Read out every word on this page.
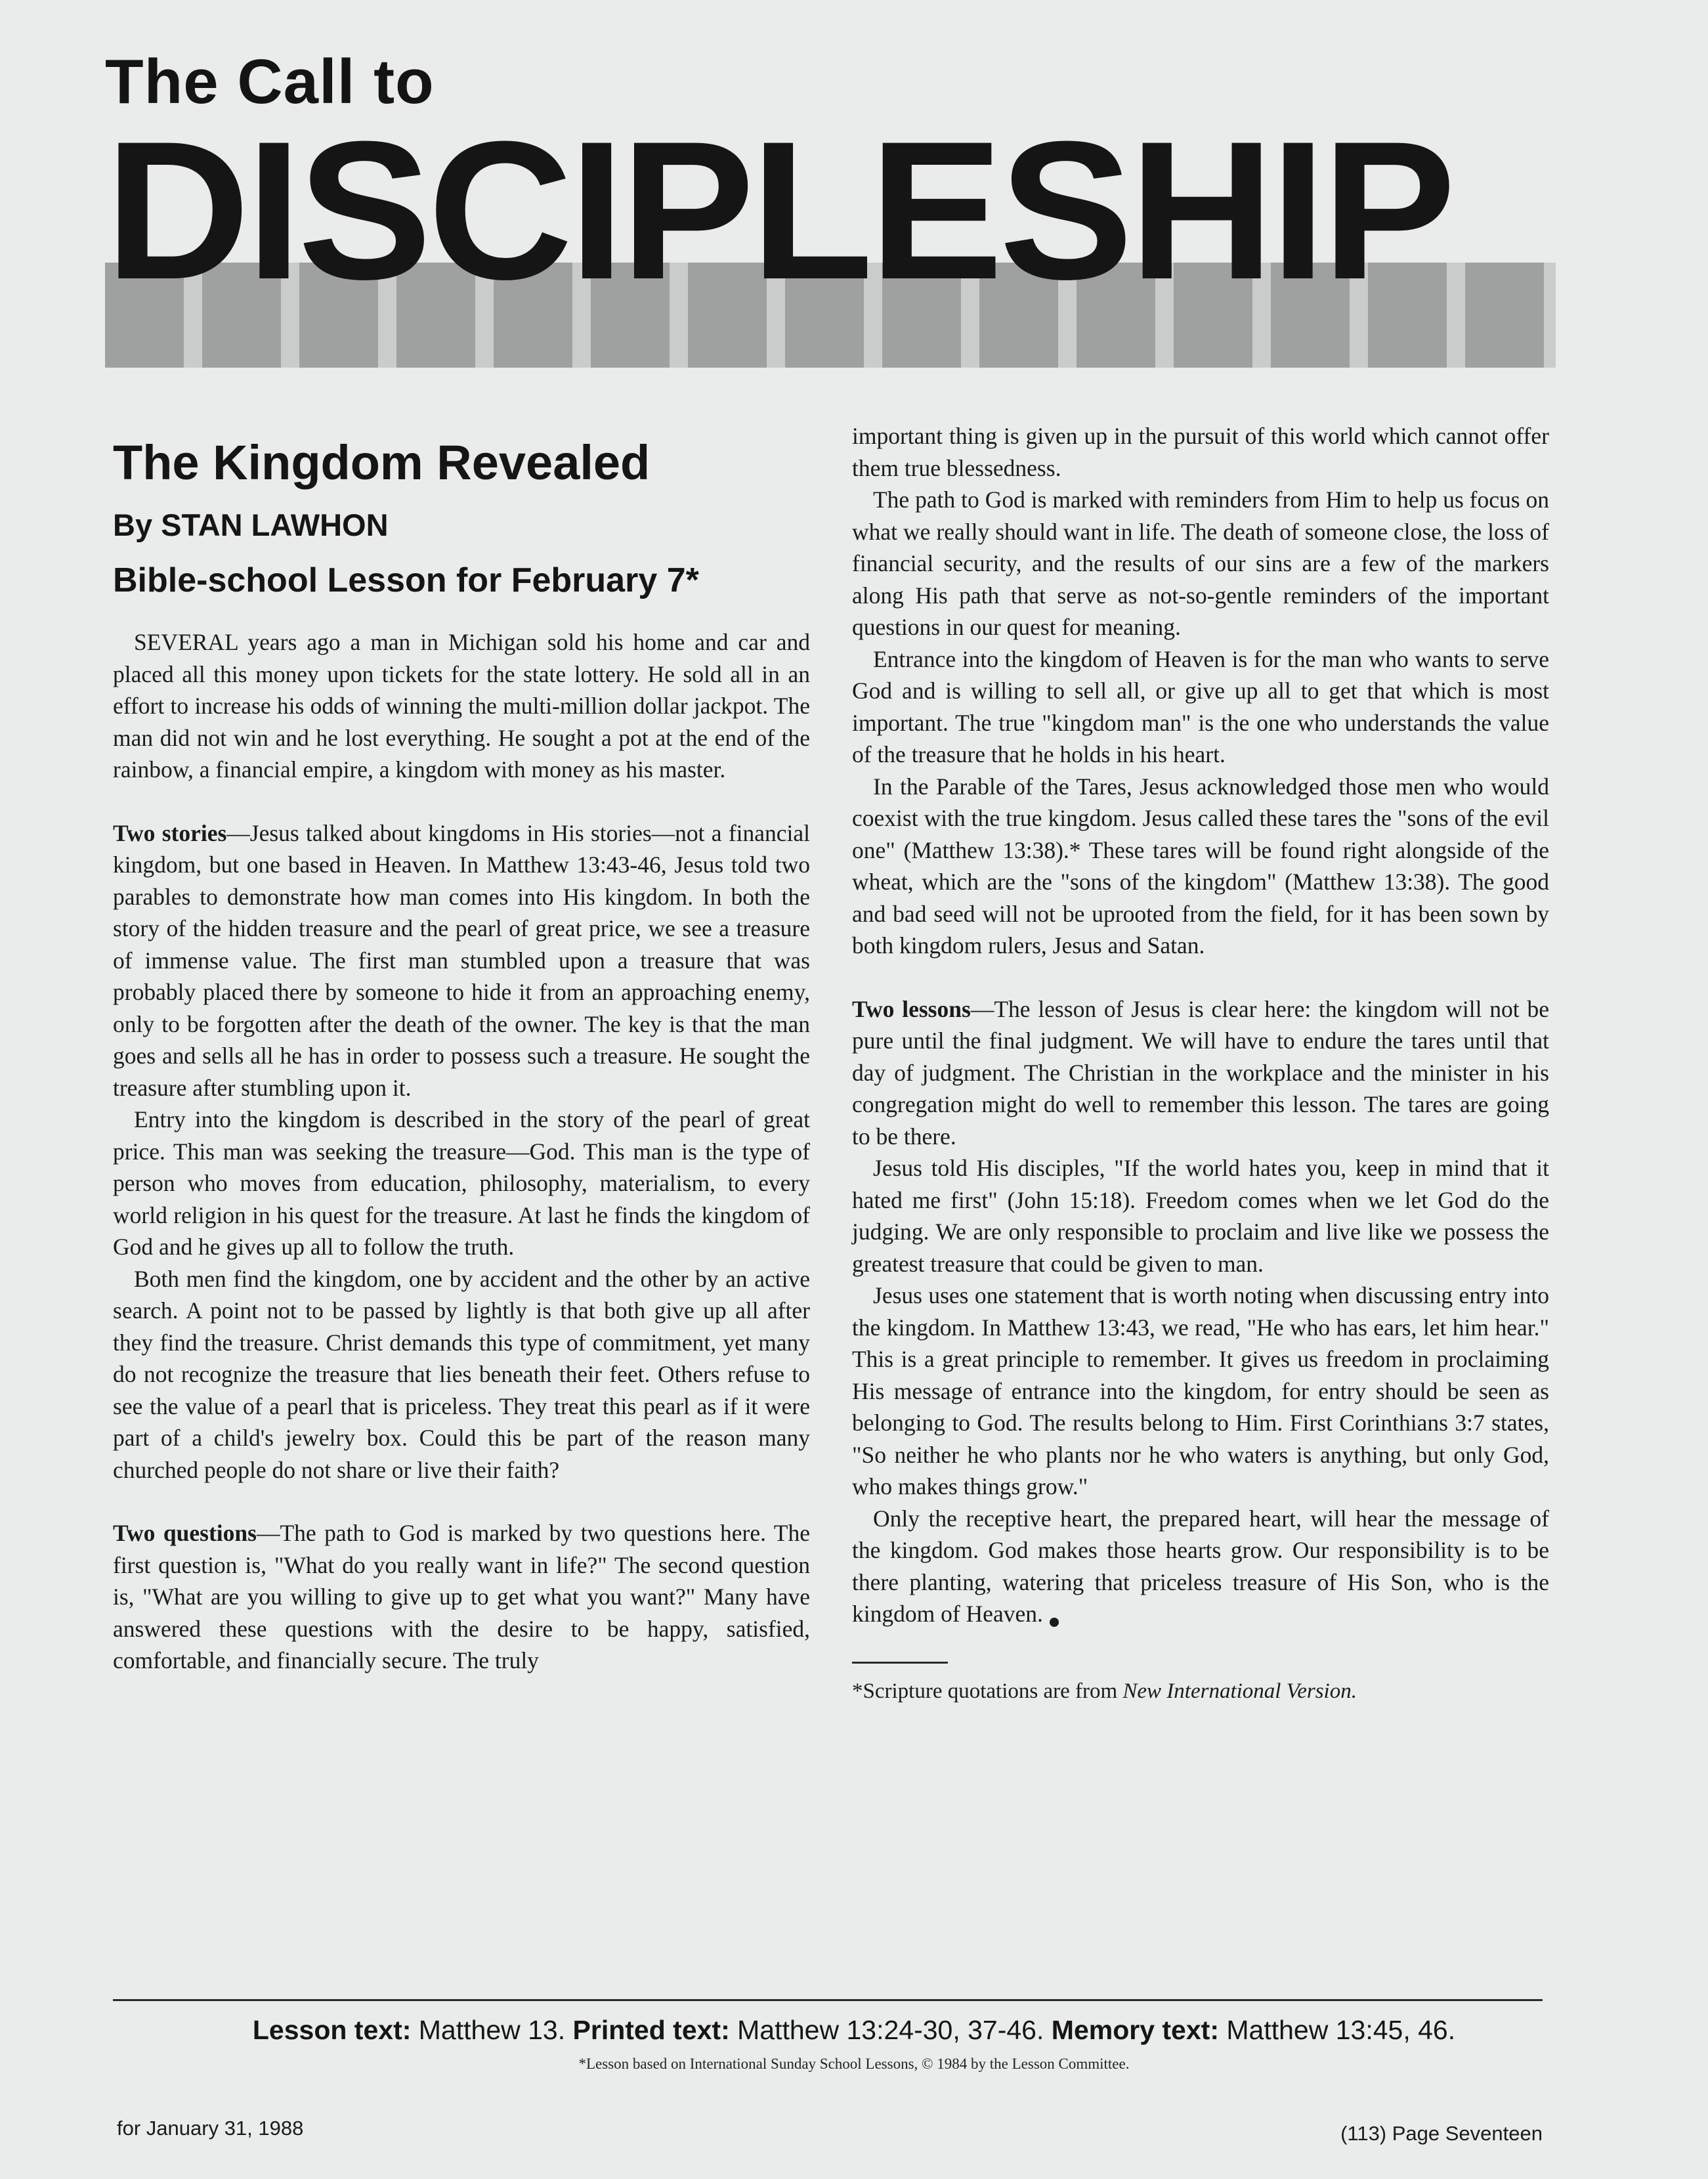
The Call to
DISCIPLESHIP
The Kingdom Revealed

By STAN LAWHON

Bible-school Lesson for February 7*

SEVERAL years ago a man in Michigan sold his home and car and placed all this money upon tickets for the state lottery. He sold all in an effort to increase his odds of winning the multi-million dollar jackpot. The man did not win and he lost everything. He sought a pot at the end of the rainbow, a financial empire, a kingdom with money as his master.

Two stories—Jesus talked about kingdoms in His stories—not a financial kingdom, but one based in Heaven. In Matthew 13:43-46, Jesus told two parables to demonstrate how man comes into His kingdom. In both the story of the hidden treasure and the pearl of great price, we see a treasure of immense value. The first man stumbled upon a treasure that was probably placed there by someone to hide it from an approaching enemy, only to be forgotten after the death of the owner. The key is that the man goes and sells all he has in order to possess such a treasure. He sought the treasure after stumbling upon it.

Entry into the kingdom is described in the story of the pearl of great price. This man was seeking the treasure—God. This man is the type of person who moves from education, philosophy, materialism, to every world religion in his quest for the treasure. At last he finds the kingdom of God and he gives up all to follow the truth.

Both men find the kingdom, one by accident and the other by an active search. A point not to be passed by lightly is that both give up all after they find the treasure. Christ demands this type of commitment, yet many do not recognize the treasure that lies beneath their feet. Others refuse to see the value of a pearl that is priceless. They treat this pearl as if it were part of a child's jewelry box. Could this be part of the reason many churched people do not share or live their faith?

Two questions—The path to God is marked by two questions here. The first question is, "What do you really want in life?" The second question is, "What are you willing to give up to get what you want?" Many have answered these questions with the desire to be happy, satisfied, comfortable, and financially secure. The truly

important thing is given up in the pursuit of this world which cannot offer them true blessedness.

The path to God is marked with reminders from Him to help us focus on what we really should want in life. The death of someone close, the loss of financial security, and the results of our sins are a few of the markers along His path that serve as not-so-gentle reminders of the important questions in our quest for meaning.

Entrance into the kingdom of Heaven is for the man who wants to serve God and is willing to sell all, or give up all to get that which is most important. The true "kingdom man" is the one who understands the value of the treasure that he holds in his heart.

In the Parable of the Tares, Jesus acknowledged those men who would coexist with the true kingdom. Jesus called these tares the "sons of the evil one" (Matthew 13:38).* These tares will be found right alongside of the wheat, which are the "sons of the kingdom" (Matthew 13:38). The good and bad seed will not be uprooted from the field, for it has been sown by both kingdom rulers, Jesus and Satan.

Two lessons—The lesson of Jesus is clear here: the kingdom will not be pure until the final judgment. We will have to endure the tares until that day of judgment. The Christian in the workplace and the minister in his congregation might do well to remember this lesson. The tares are going to be there.

Jesus told His disciples, "If the world hates you, keep in mind that it hated me first" (John 15:18). Freedom comes when we let God do the judging. We are only responsible to proclaim and live like we possess the greatest treasure that could be given to man.

Jesus uses one statement that is worth noting when discussing entry into the kingdom. In Matthew 13:43, we read, "He who has ears, let him hear." This is a great principle to remember. It gives us freedom in proclaiming His message of entrance into the kingdom, for entry should be seen as belonging to God. The results belong to Him. First Corinthians 3:7 states, "So neither he who plants nor he who waters is anything, but only God, who makes things grow."

Only the receptive heart, the prepared heart, will hear the message of the kingdom. God makes those hearts grow. Our responsibility is to be there planting, watering that priceless treasure of His Son, who is the kingdom of Heaven.

*Scripture quotations are from New International Version.

Lesson text: Matthew 13. Printed text: Matthew 13:24-30, 37-46. Memory text: Matthew 13:45, 46.

*Lesson based on International Sunday School Lessons, © 1984 by the Lesson Committee.

for January 31, 1988	(113) Page Seventeen
